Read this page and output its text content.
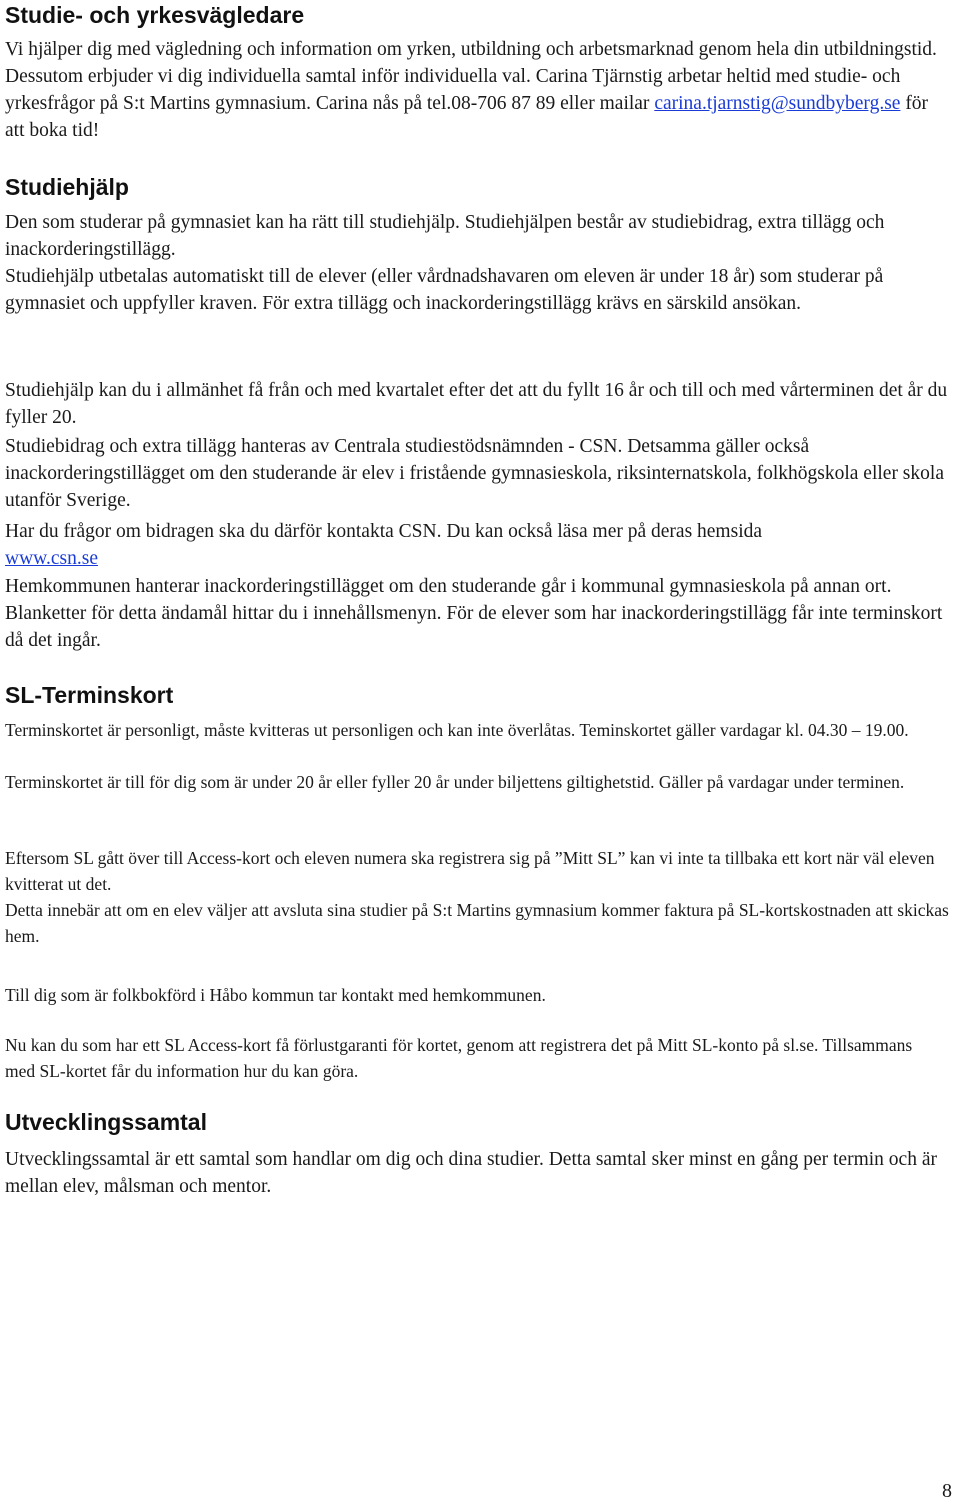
Studie- och yrkesvägledare

Vi hjälper dig med vägledning och information om yrken, utbildning och arbetsmarknad genom hela din utbildningstid. Dessutom erbjuder vi dig individuella samtal inför individuella val. Carina Tjärnstig arbetar heltid med studie- och yrkesfrågor på S:t Martins gymnasium. Carina nås på tel.08-706 87 89 eller mailar carina.tjarnstig@sundbyberg.se för att boka tid!

Studiehjälp

Den som studerar på gymnasiet kan ha rätt till studiehjälp. Studiehjälpen består av studiebidrag, extra tillägg och inackorderingstillägg.

Studiehjälp utbetalas automatiskt till de elever (eller vårdnadshavaren om eleven är under 18 år) som studerar på gymnasiet och uppfyller kraven. För extra tillägg och inackorderingstillägg krävs en särskild ansökan.

Studiehjälp kan du i allmänhet få från och med kvartalet efter det att du fyllt 16 år och till och med vårterminen det år du fyller 20.

Studiebidrag och extra tillägg hanteras av Centrala studiestödsnämnden - CSN. Detsamma gäller också inackorderingstillägget om den studerande är elev i fristående gymnasieskola, riksinternatskola, folkhögskola eller skola utanför Sverige.

Har du frågor om bidragen ska du därför kontakta CSN. Du kan också läsa mer på deras hemsida
www.csn.se

Hemkommunen hanterar inackorderingstillägget om den studerande går i kommunal gymnasieskola på annan ort. Blanketter för detta ändamål hittar du i innehållsmenyn. För de elever som har inackorderingstillägg får inte terminskort då det ingår.

SL-Terminskort

Terminskortet är personligt, måste kvitteras ut personligen och kan inte överlåtas. Teminskortet gäller vardagar kl. 04.30 – 19.00.

Terminskortet är till för dig som är under 20 år eller fyller 20 år under biljettens giltighetstid. Gäller på vardagar under terminen.

Eftersom SL gått över till Access-kort och eleven numera ska registrera sig på ”Mitt SL” kan vi inte ta tillbaka ett kort när väl eleven kvitterat ut det.

Detta innebär att om en elev väljer att avsluta sina studier på S:t Martins gymnasium kommer faktura på SL-kortskostnaden att skickas hem.

Till dig som är folkbokförd i Håbo kommun tar kontakt med hemkommunen.

Nu kan du som har ett SL Access-kort få förlustgaranti för kortet, genom att registrera det på Mitt SL-konto på sl.se. Tillsammans med SL-kortet får du information hur du kan göra.

Utvecklingssamtal

Utvecklingssamtal är ett samtal som handlar om dig och dina studier. Detta samtal sker minst en gång per termin och är mellan elev, målsman och mentor.

8
